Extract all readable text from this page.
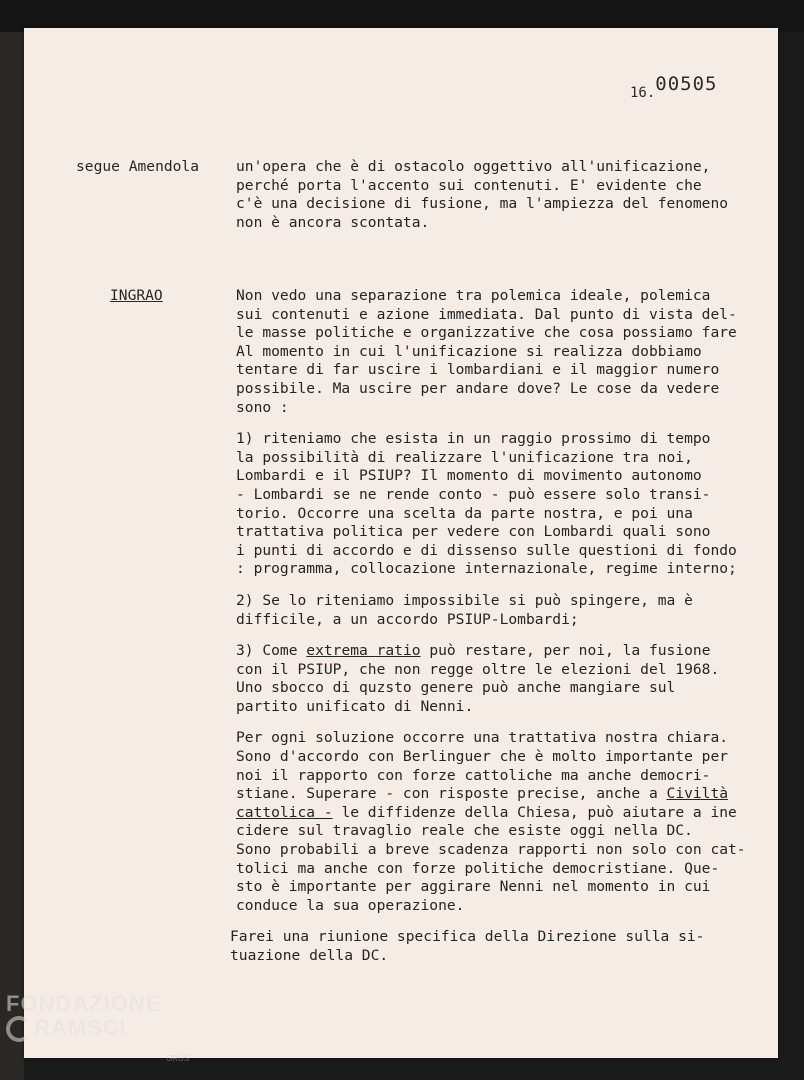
16.00505
segue Amendola	un'opera che è di ostacolo oggettivo all'unificazione,
perché porta l'accento sui contenuti. E' evidente che
c'è una decisione di fusione, ma l'ampiezza del fenomeno
non è ancora scontata.

INGRAO	Non vedo una separazione tra polemica ideale, polemica
sui contenuti e azione immediata. Dal punto di vista del-
le masse politiche e organizzative che cosa possiamo fare
Al momento in cui l'unificazione si realizza dobbiamo
tentare di far uscire i lombardiani e il maggior numero
possibile. Ma uscire per andare dove? Le cose da vedere
sono :

1) riteniamo che esista in un raggio prossimo di tempo
la possibilità di realizzare l'unificazione tra noi,
Lombardi e il PSIUP? Il momento di movimento autonomo
- Lombardi se ne rende conto - può essere solo transi-
torio. Occorre una scelta da parte nostra, e poi una
trattativa politica per vedere con Lombardi quali sono
i punti di accordo e di dissenso sulle questioni di fondo
: programma, collocazione internazionale, regime interno;

2) Se lo riteniamo impossibile si può spingere, ma è
difficile, a un accordo PSIUP-Lombardi;

3) Come extrema ratio può restare, per noi, la fusione
con il PSIUP, che non regge oltre le elezioni del 1968.
Uno sbocco di quzsto genere può anche mangiare sul
partito unificato di Nenni.

Per ogni soluzione occorre una trattativa nostra chiara.
Sono d'accordo con Berlinguer che è molto importante per
noi il rapporto con forze cattoliche ma anche democri-
stiane. Superare - con risposte precise, anche a Civiltà
cattolica - le diffidenze della Chiesa, può aiutare a ine
cidere sul travaglio reale che esiste oggi nella DC.
Sono probabili a breve scadenza rapporti non solo con cat-
tolici ma anche con forze politiche democristiane. Que-
sto è importante per aggirare Nenni nel momento in cui
conduce la sua operazione.

Farei una riunione specifica della Direzione sulla si-
tuazione della DC.

FONDAZIONE
RAMSCI
GRUS
